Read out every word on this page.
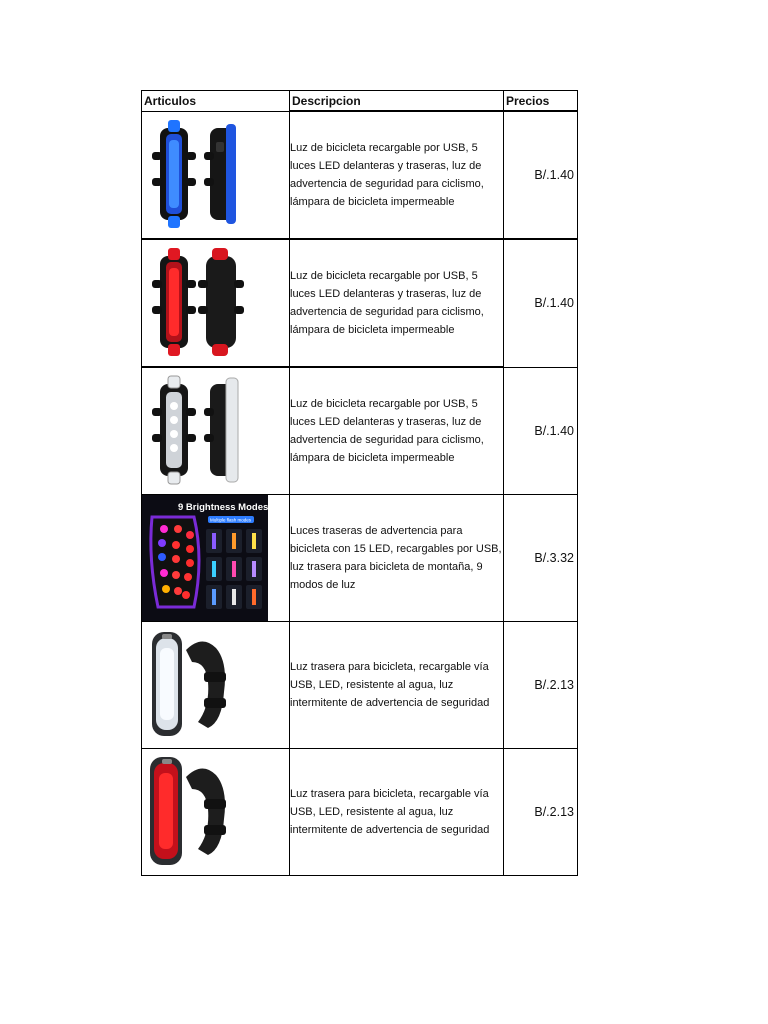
Articulos	Descripcion	Precios

	Luz de bicicleta recargable por USB, 5 luces LED delanteras y traseras, luz de advertencia de seguridad para ciclismo, lámpara de bicicleta impermeable	B/.1.40

	Luz de bicicleta recargable por USB, 5 luces LED delanteras y traseras, luz de advertencia de seguridad para ciclismo, lámpara de bicicleta impermeable	B/.1.40

	Luz de bicicleta recargable por USB, 5 luces LED delanteras y traseras, luz de advertencia de seguridad para ciclismo, lámpara de bicicleta impermeable	B/.1.40

9 Brightness Modes
Multiple flash modes	Luces traseras de advertencia para bicicleta con 15 LED, recargables por USB, luz trasera para bicicleta de montaña, 9 modos de luz	B/.3.32

	Luz trasera para bicicleta, recargable vía USB, LED, resistente al agua, luz intermitente de advertencia de seguridad	B/.2.13

	Luz trasera para bicicleta, recargable vía USB, LED, resistente al agua, luz intermitente de advertencia de seguridad	B/.2.13
